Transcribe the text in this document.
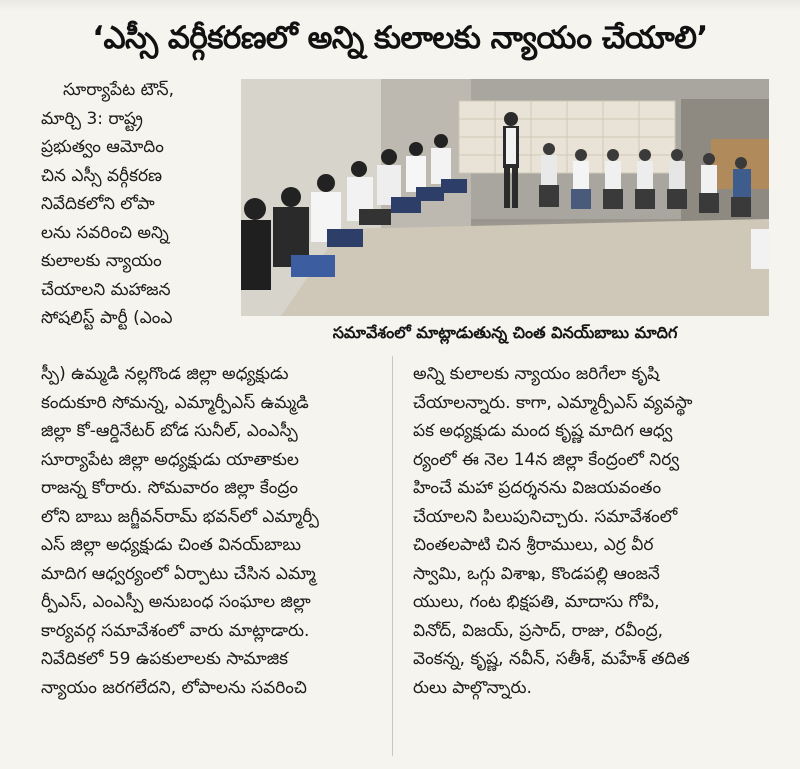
‘ఎస్సీ వర్గీకరణలో అన్ని కులాలకు న్యాయం చేయాలి’
సూర్యాపేట టౌన్,
మార్చి 3: రాష్ట్ర
ప్రభుత్వం ఆమోదిం
చిన ఎస్సీ వర్గీకరణ
నివేదికలోని లోపా
లను సవరించి అన్ని
కులాలకు న్యాయం
చేయాలని మహాజన
సోషలిస్ట్ పార్టీ (ఎంఎ
సమావేశంలో మాట్లాడుతున్న చింత వినయ్‌బాబు మాదిగ
స్పీ) ఉమ్మడి నల్లగొండ జిల్లా అధ్యక్షుడు
కందుకూరి సోమన్న, ఎమ్మార్పీఎస్ ఉమ్మడి
జిల్లా కో-ఆర్డినేటర్ బోడ సునీల్, ఎంఎస్పీ
సూర్యాపేట జిల్లా అధ్యక్షుడు యాతాకుల
రాజన్న కోరారు. సోమవారం జిల్లా కేంద్రం
లోని బాబు జగ్జీవన్‌రామ్ భవన్‌లో ఎమ్మార్పీ
ఎస్ జిల్లా అధ్యక్షుడు చింత వినయ్‌బాబు
మాదిగ ఆధ్వర్యంలో ఏర్పాటు చేసిన ఎమ్మా
ర్పీఎస్, ఎంఎస్పీ అనుబంధ సంఘాల జిల్లా
కార్యవర్గ సమావేశంలో వారు మాట్లాడారు.
నివేదికలో 59 ఉపకులాలకు సామాజిక
న్యాయం జరగలేదని, లోపాలను సవరించి
అన్ని కులాలకు న్యాయం జరిగేలా కృషి
చేయాలన్నారు. కాగా, ఎమ్మార్పీఎస్ వ్యవస్థా
పక అధ్యక్షుడు మంద కృష్ణ మాదిగ ఆధ్వ
ర్యంలో ఈ నెల 14న జిల్లా కేంద్రంలో నిర్వ
హించే మహా ప్రదర్శనను విజయవంతం
చేయాలని పిలుపునిచ్చారు. సమావేశంలో
చింతలపాటి చిన శ్రీరాములు, ఎర్ర వీర
స్వామి, ఒగ్గు విశాఖ, కొండపల్లి ఆంజనే
యులు, గంట భిక్షపతి, మాదాసు గోపి,
వినోద్, విజయ్, ప్రసాద్, రాజు, రవీంద్ర,
వెంకన్న, కృష్ణ, నవీన్, సతీశ్, మహేశ్ తదిత
రులు పాల్గొన్నారు.
